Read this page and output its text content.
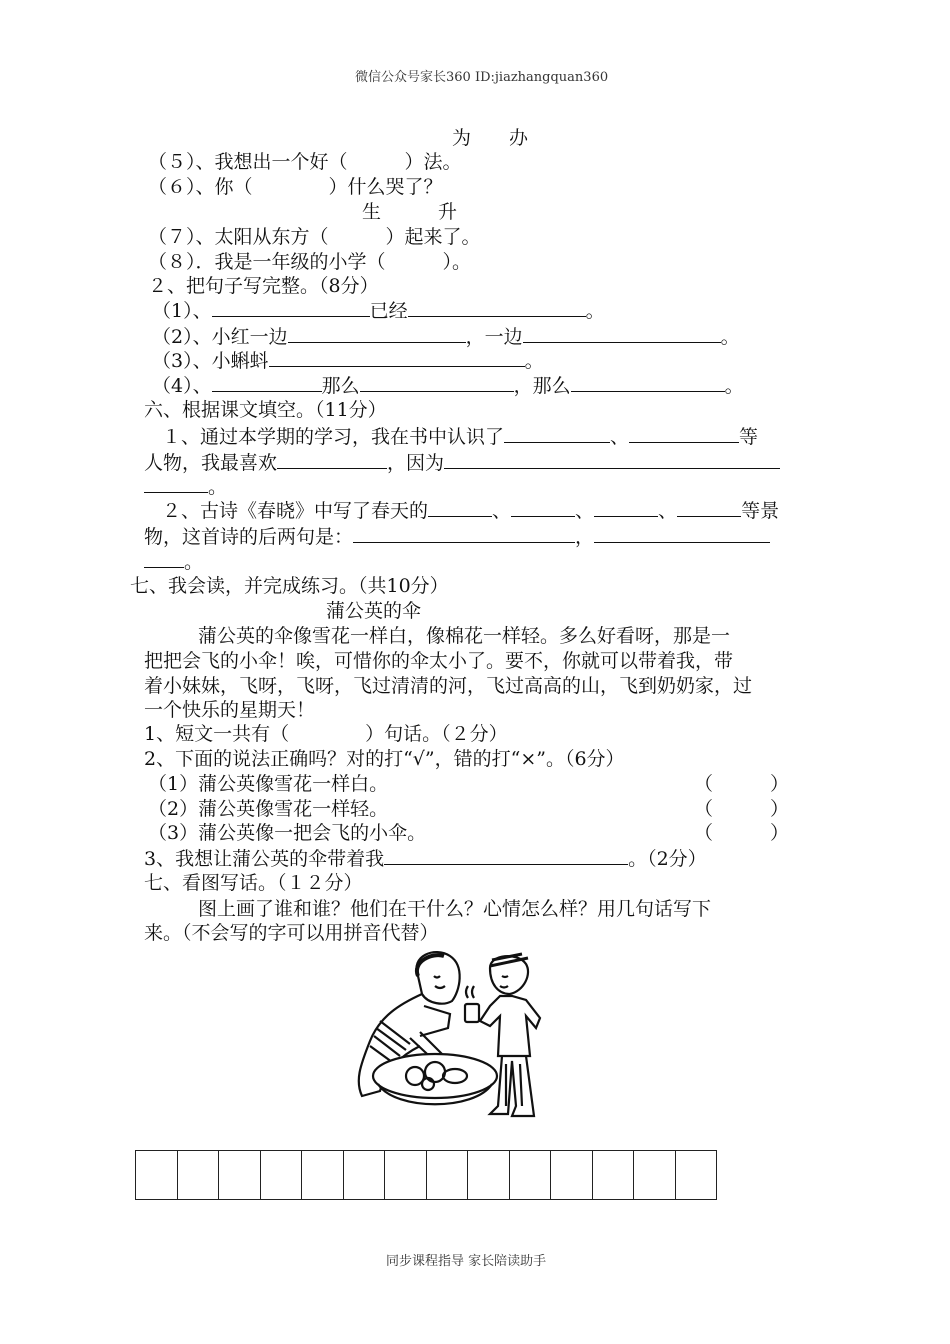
微信公众号家长360 ID:jiazhangquan360
为　　办
（５）、我想出一个好（　　　）法。
（６）、你（　　　　）什么哭了？
生　　　升
（７）、太阳从东方（　　　）起来了。
（８）．我是一年级的小学（　　　）。
２、把句子写完整。（8分）
（1）、	已经	。
（2）、小红一边	，一边	。
（3）、小蝌蚪	。
（4）、	那么	，那么	。
六、根据课文填空。（11分）
１、通过本学期的学习，我在书中认识了	、	等
人物，我最喜欢	，因为
。
２、古诗《春晓》中写了春天的	、	、	、	等景
物，这首诗的后两句是：	，
。
七、我会读，并完成练习。（共10分）
蒲公英的伞
蒲公英的伞像雪花一样白，像棉花一样轻。多么好看呀，那是一
把把会飞的小伞！唉，可惜你的伞太小了。要不，你就可以带着我，带
着小妹妹，飞呀，飞呀，飞过清清的河，飞过高高的山，飞到奶奶家，过
一个快乐的星期天！
1、短文一共有（　　　　）句话。（２分）
2、下面的说法正确吗？对的打“√”，错的打“×”。（6分）
（1）蒲公英像雪花一样白。	（　　　）
（2）蒲公英像雪花一样轻。	（　　　）
（3）蒲公英像一把会飞的小伞。	（　　　）
3、我想让蒲公英的伞带着我	。（2分）
七、看图写话。（１２分）
图上画了谁和谁？他们在干什么？心情怎么样？用几句话写下
来。（不会写的字可以用拼音代替）
同步课程指导 家长陪读助手
